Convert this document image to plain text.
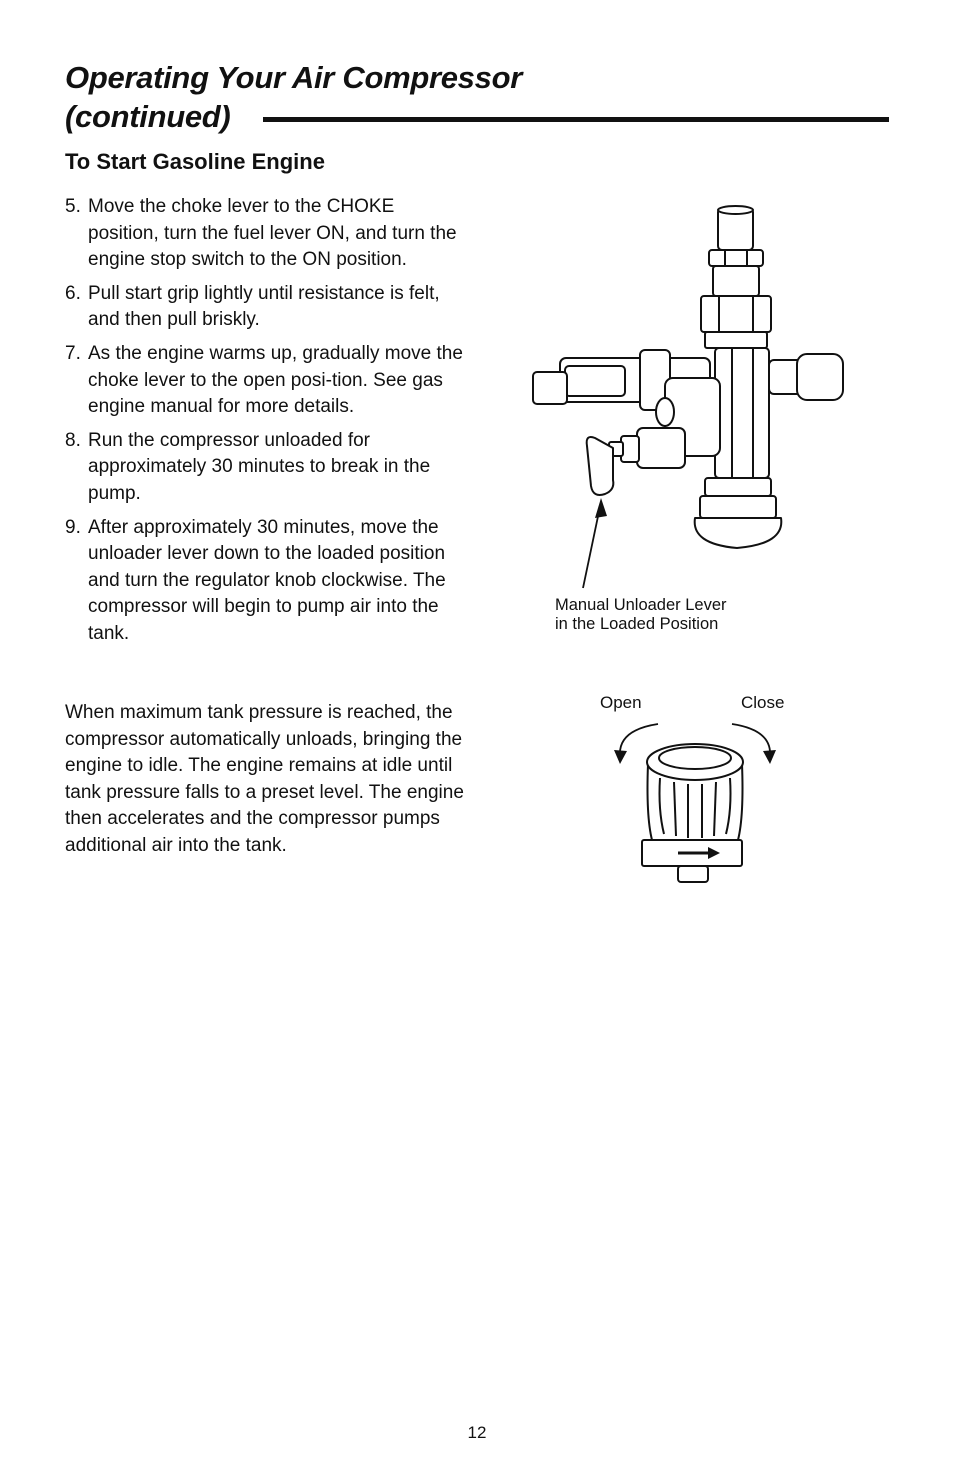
Operating Your Air Compressor
(continued)
To Start Gasoline Engine
5. Move the choke lever to the CHOKE position, turn the fuel lever ON, and turn the engine stop switch to the ON position.
6. Pull start grip lightly until resistance is felt, and then pull briskly.
7. As the engine warms up, gradually move the choke lever to the open posi-tion. See gas engine manual for more details.
8. Run the compressor unloaded for approximately 30 minutes to break in the pump.
9. After approximately 30 minutes, move the unloader lever down to the loaded position and turn the regulator knob clockwise. The compressor will begin to pump air into the tank.

When maximum tank pressure is reached, the compressor automatically unloads, bringing the engine to idle. The engine remains at idle until tank pressure falls to a preset level. The engine then accelerates and the compressor pumps additional air into the tank.

Manual Unloader Lever
in the Loaded Position
Open	Close
12
